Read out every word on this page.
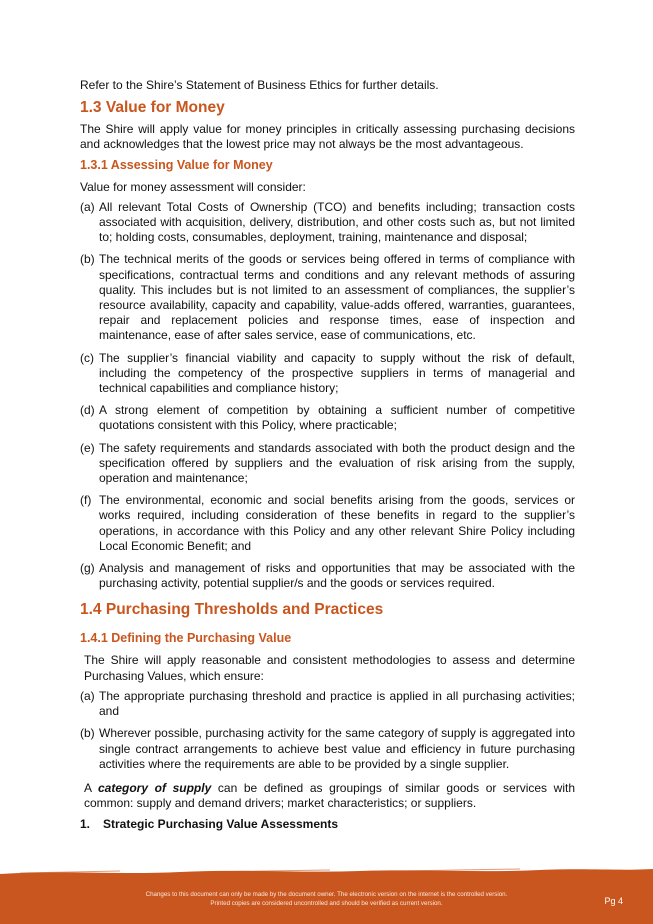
Refer to the Shire’s Statement of Business Ethics for further details.

1.3 Value for Money

The Shire will apply value for money principles in critically assessing purchasing decisions and acknowledges that the lowest price may not always be the most advantageous.

1.3.1 Assessing Value for Money

Value for money assessment will consider:

(a) All relevant Total Costs of Ownership (TCO) and benefits including; transaction costs associated with acquisition, delivery, distribution, and other costs such as, but not limited to; holding costs, consumables, deployment, training, maintenance and disposal;
(b) The technical merits of the goods or services being offered in terms of compliance with specifications, contractual terms and conditions and any relevant methods of assuring quality. This includes but is not limited to an assessment of compliances, the supplier’s resource availability, capacity and capability, value-adds offered, warranties, guarantees, repair and replacement policies and response times, ease of inspection and maintenance, ease of after sales service, ease of communications, etc.
(c) The supplier’s financial viability and capacity to supply without the risk of default, including the competency of the prospective suppliers in terms of managerial and technical capabilities and compliance history;
(d) A strong element of competition by obtaining a sufficient number of competitive quotations consistent with this Policy, where practicable;
(e) The safety requirements and standards associated with both the product design and the specification offered by suppliers and the evaluation of risk arising from the supply, operation and maintenance;
(f) The environmental, economic and social benefits arising from the goods, services or works required, including consideration of these benefits in regard to the supplier’s operations, in accordance with this Policy and any other relevant Shire Policy including Local Economic Benefit; and
(g) Analysis and management of risks and opportunities that may be associated with the purchasing activity, potential supplier/s and the goods or services required.
1.4 Purchasing Thresholds and Practices
1.4.1 Defining the Purchasing Value

The Shire will apply reasonable and consistent methodologies to assess and determine Purchasing Values, which ensure:

(a) The appropriate purchasing threshold and practice is applied in all purchasing activities; and
(b) Wherever possible, purchasing activity for the same category of supply is aggregated into single contract arrangements to achieve best value and efficiency in future purchasing activities where the requirements are able to be provided by a single supplier.

A category of supply can be defined as groupings of similar goods or services with common: supply and demand drivers; market characteristics; or suppliers.

1.	Strategic Purchasing Value Assessments
Changes to this document can only be made by the document owner. The electronic version on the internet is the controlled version.
Printed copies are considered uncontrolled and should be verified as current version.	Pg 4
